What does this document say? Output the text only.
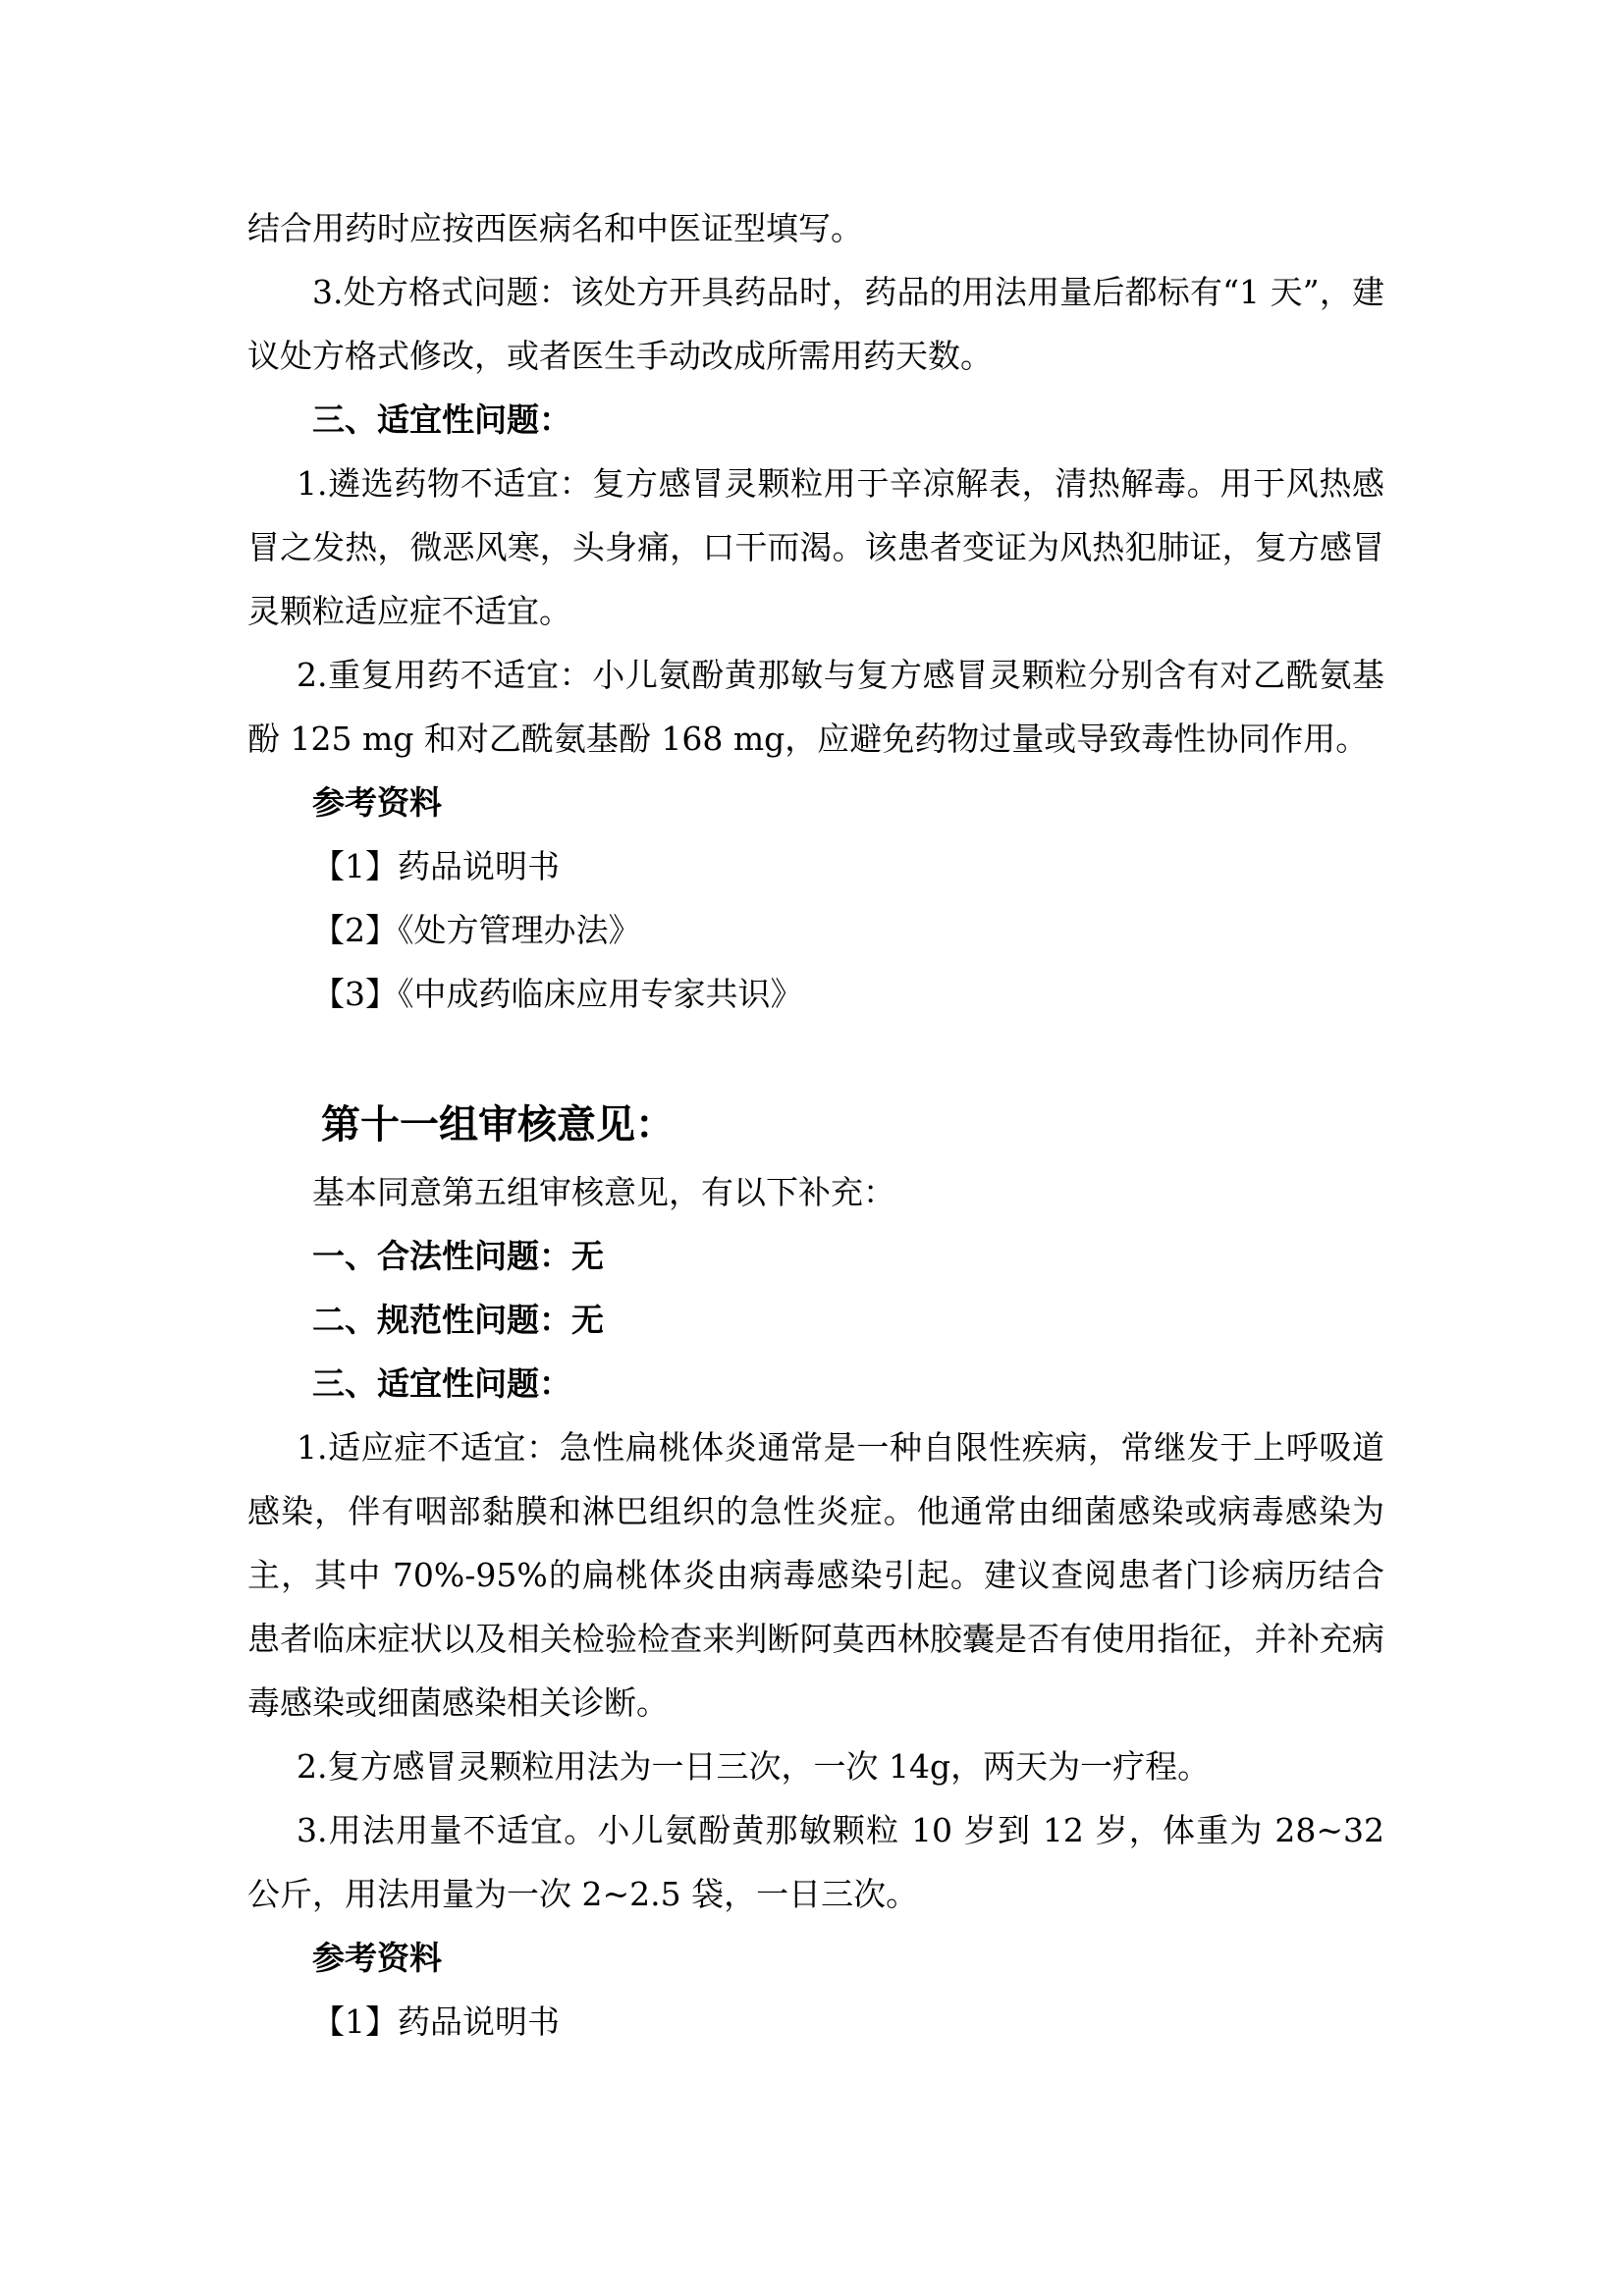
结合用药时应按西医病名和中医证型填写。

3.处方格式问题：该处方开具药品时，药品的用法用量后都标有“1 天”，建议处方格式修改，或者医生手动改成所需用药天数。

三、适宜性问题：

1.遴选药物不适宜：复方感冒灵颗粒用于辛凉解表，清热解毒。用于风热感冒之发热，微恶风寒，头身痛，口干而渴。该患者变证为风热犯肺证，复方感冒灵颗粒适应症不适宜。

2.重复用药不适宜：小儿氨酚黄那敏与复方感冒灵颗粒分别含有对乙酰氨基酚 125 mg 和对乙酰氨基酚 168 mg，应避免药物过量或导致毒性协同作用。

参考资料

【1】药品说明书

【2】《处方管理办法》

【3】《中成药临床应用专家共识》

第十一组审核意见：

基本同意第五组审核意见，有以下补充：

一、合法性问题：无

二、规范性问题：无

三、适宜性问题：

1.适应症不适宜：急性扁桃体炎通常是一种自限性疾病，常继发于上呼吸道感染，伴有咽部黏膜和淋巴组织的急性炎症。他通常由细菌感染或病毒感染为主，其中 70%-95%的扁桃体炎由病毒感染引起。建议查阅患者门诊病历结合患者临床症状以及相关检验检查来判断阿莫西林胶囊是否有使用指征，并补充病毒感染或细菌感染相关诊断。

2.复方感冒灵颗粒用法为一日三次，一次 14g，两天为一疗程。

3.用法用量不适宜。小儿氨酚黄那敏颗粒 10 岁到 12 岁，体重为 28~32 公斤，用法用量为一次 2~2.5 袋，一日三次。

参考资料

【1】药品说明书
